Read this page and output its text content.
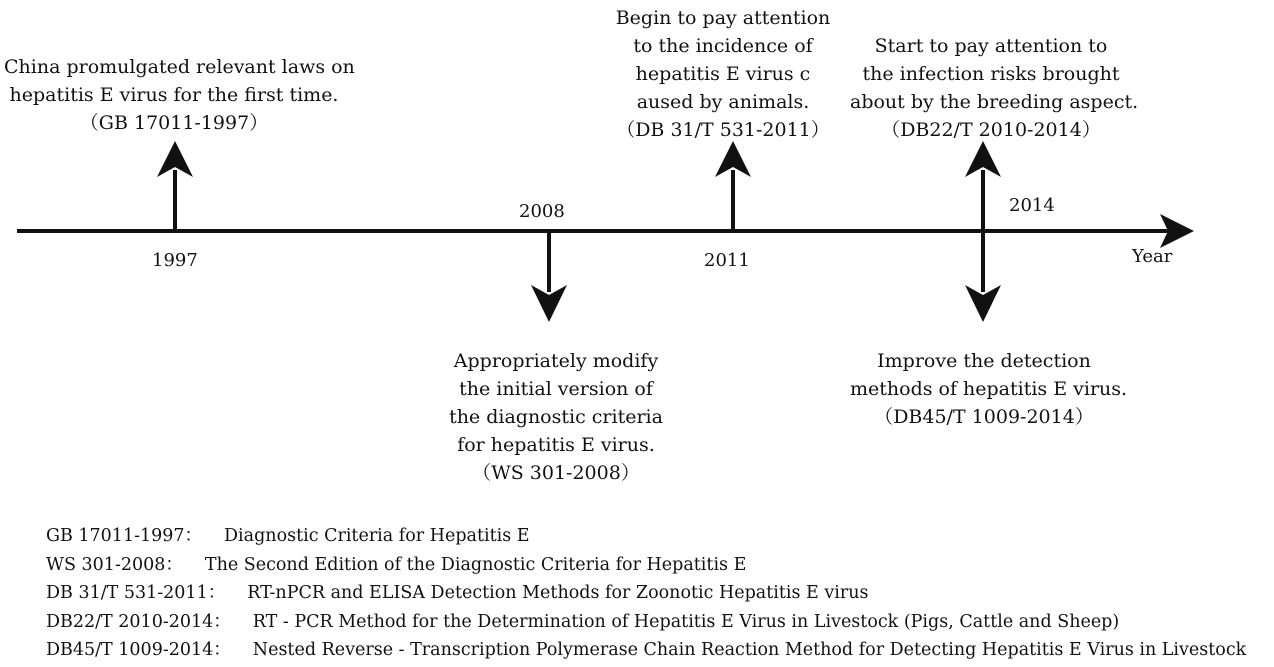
1997
2008
2011
2014
Year
China promulgated relevant laws on
hepatitis E virus for the first time.
（GB 17011-1997）
Appropriately modify
the initial version of
the diagnostic criteria
for hepatitis E virus.
（WS 301-2008）
Begin to pay attention
to the incidence of
hepatitis E virus c
aused by animals.
（DB 31/T 531-2011）
Start to pay attention to
the infection risks brought
about by the breeding aspect.
（DB22/T 2010-2014）
Improve the detection
methods of hepatitis E virus.
（DB45/T 1009-2014）
GB 17011-1997： Diagnostic Criteria for Hepatitis E
WS 301-2008： The Second Edition of the Diagnostic Criteria for Hepatitis E
DB 31/T 531-2011： RT-nPCR and ELISA Detection Methods for Zoonotic Hepatitis E virus
DB22/T 2010-2014： RT - PCR Method for the Determination of Hepatitis E Virus in Livestock (Pigs, Cattle and Sheep)
DB45/T 1009-2014： Nested Reverse - Transcription Polymerase Chain Reaction Method for Detecting Hepatitis E Virus in Livestock
